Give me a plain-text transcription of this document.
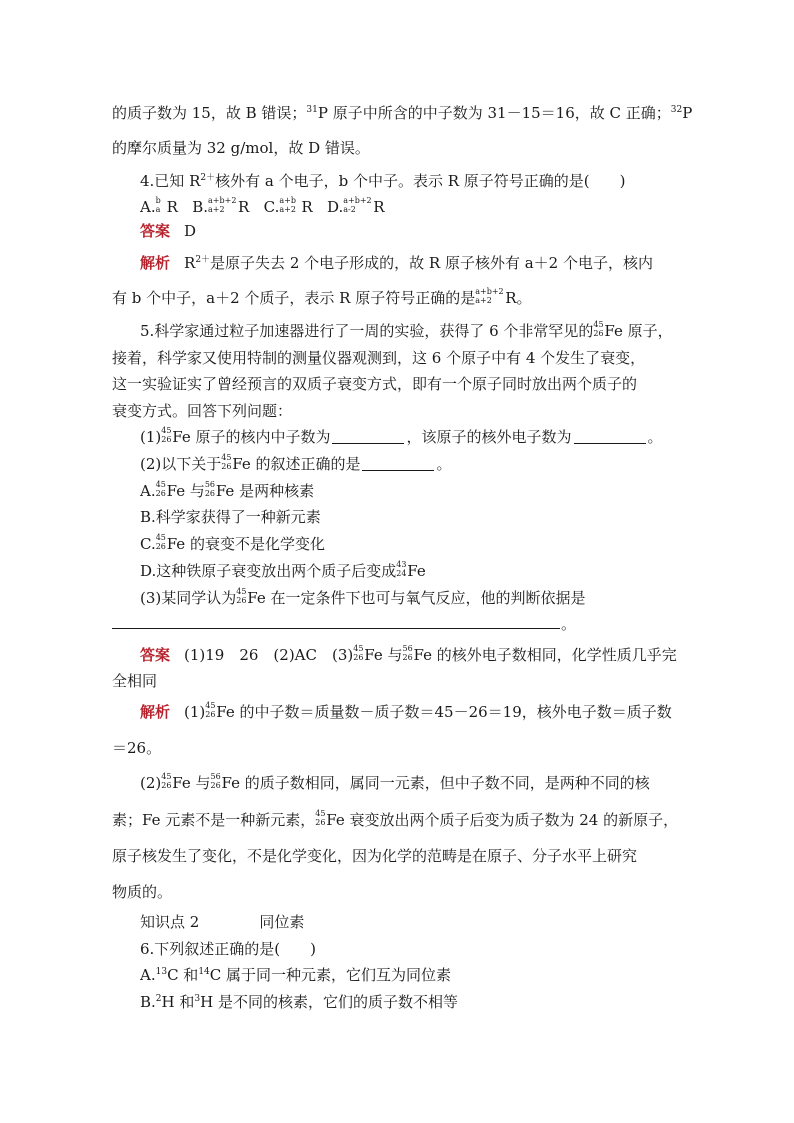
的质子数为 15，故 B 错误；$^{31}$P 原子中所含的中子数为 31－15＝16，故 C 正确；$^{32}$P
的摩尔质量为 32 g/mol，故 D 错误。
4.已知 $R^{2+}$核外有 a 个电子，b 个中子。表示 R 原子符号正确的是(　　)
A. b
a R B. a+b+2
a+2 R C. a+b
a+2 R D. a+b+2
a-2 R
答案 D
解析 $R^{2+}$是原子失去 2 个电子形成的，故 R 原子核外有 a＋2 个电子，核内
有 b 个中子，a＋2 个质子，表示 R 原子符号正确的是 a+b+2
a+2 R。
5.科学家通过粒子加速器进行了一周的实验，获得了 6 个非常罕见的 45
26 Fe 原子，
接着，科学家又使用特制的测量仪器观测到，这 6 个原子中有 4 个发生了衰变，
这一实验证实了曾经预言的双质子衰变方式，即有一个原子同时放出两个质子的
衰变方式。回答下列问题：
(1) 45
26 Fe 原子的核内中子数为	，该原子的核外电子数为	。
(2)以下关于 45
26 Fe 的叙述正确的是	。
A. 45
26 Fe 与 56
26 Fe 是两种核素
B.科学家获得了一种新元素
C. 45
26 Fe 的衰变不是化学变化
D.这种铁原子衰变放出两个质子后变成 43
24 Fe
(3)某同学认为 45
26 Fe 在一定条件下也可与氧气反应，他的判断依据是
。
答案 (1)19　26　(2)AC　(3) 45
26 Fe 与 56
26 Fe 的核外电子数相同，化学性质几乎完
全相同
解析 (1) 45
26 Fe 的中子数＝质量数－质子数＝45－26＝19，核外电子数＝质子数
＝26。
(2) 45
26 Fe 与 56
26 Fe 的质子数相同，属同一元素，但中子数不同，是两种不同的核
素；Fe 元素不是一种新元素， 45
26 Fe 衰变放出两个质子后变为质子数为 24 的新原子，
原子核发生了变化，不是化学变化，因为化学的范畴是在原子、分子水平上研究
物质的。
知识点 2	同位素
6.下列叙述正确的是(　　)
A.$^{13}$C 和$^{14}$C 属于同一种元素，它们互为同位素
B.$^2$H 和$^3$H 是不同的核素，它们的质子数不相等
